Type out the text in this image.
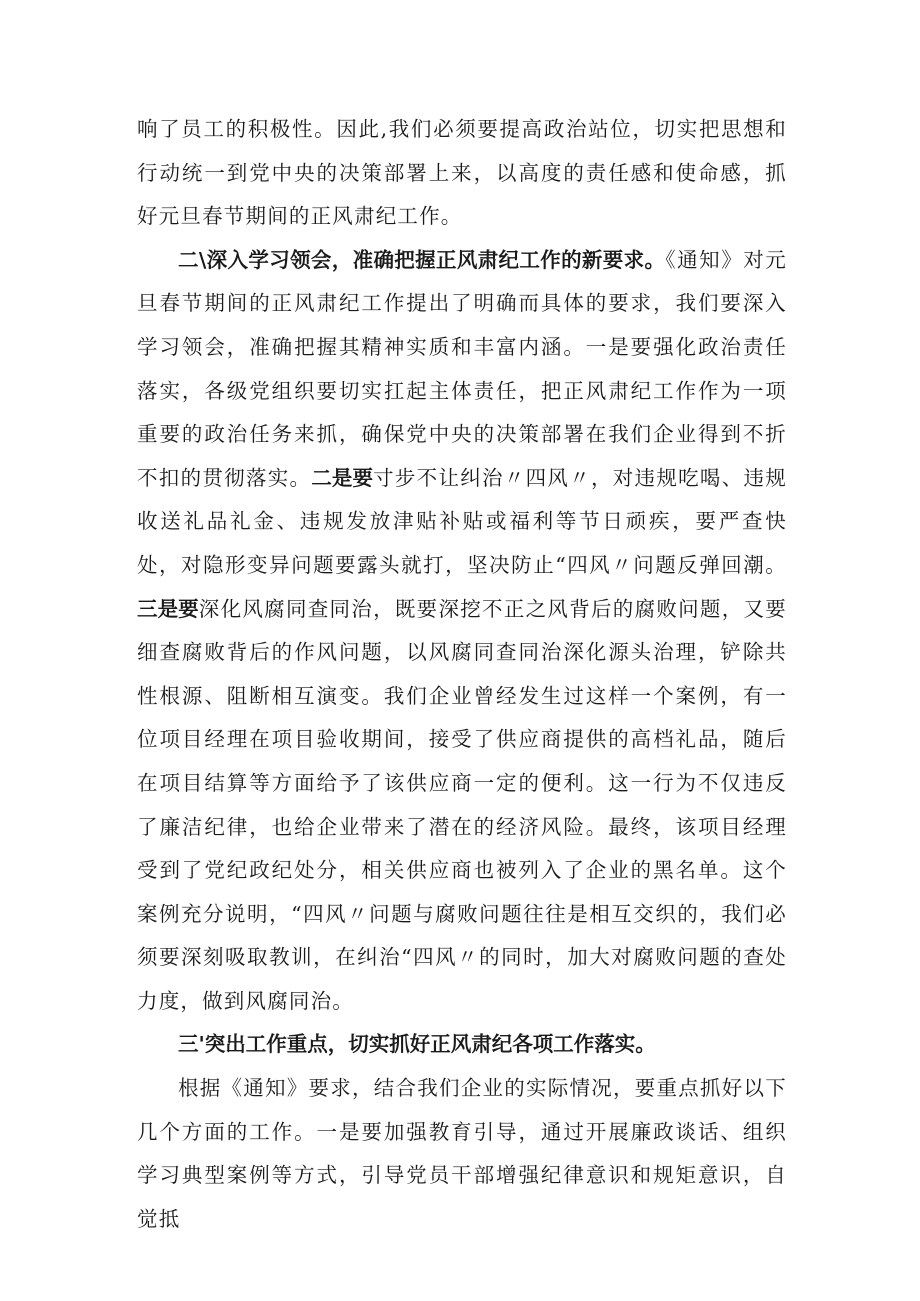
响了员工的积极性。因此,我们必须要提高政治站位，切实把思想和行动统一到党中央的决策部署上来，以高度的责任感和使命感，抓好元旦春节期间的正风肃纪工作。

二\深入学习领会，准确把握正风肃纪工作的新要求。《通知》对元旦春节期间的正风肃纪工作提出了明确而具体的要求，我们要深入学习领会，准确把握其精神实质和丰富内涵。一是要强化政治责任落实，各级党组织要切实扛起主体责任，把正风肃纪工作作为一项重要的政治任务来抓，确保党中央的决策部署在我们企业得到不折不扣的贯彻落实。二是要寸步不让纠治〃四风〃，对违规吃喝、违规收送礼品礼金、违规发放津贴补贴或福利等节日顽疾，要严查快处，对隐形变异问题要露头就打，坚决防止“四风〃问题反弹回潮。三是要深化风腐同查同治，既要深挖不正之风背后的腐败问题，又要细查腐败背后的作风问题，以风腐同查同治深化源头治理，铲除共性根源、阻断相互演变。我们企业曾经发生过这样一个案例，有一位项目经理在项目验收期间，接受了供应商提供的高档礼品，随后在项目结算等方面给予了该供应商一定的便利。这一行为不仅违反了廉洁纪律，也给企业带来了潜在的经济风险。最终，该项目经理受到了党纪政纪处分，相关供应商也被列入了企业的黑名单。这个案例充分说明，“四风〃问题与腐败问题往往是相互交织的，我们必须要深刻吸取教训，在纠治“四风〃的同时，加大对腐败问题的查处力度，做到风腐同治。

三'突出工作重点，切实抓好正风肃纪各项工作落实。

根据《通知》要求，结合我们企业的实际情况，要重点抓好以下几个方面的工作。一是要加强教育引导，通过开展廉政谈话、组织学习典型案例等方式，引导党员干部增强纪律意识和规矩意识，自觉抵
